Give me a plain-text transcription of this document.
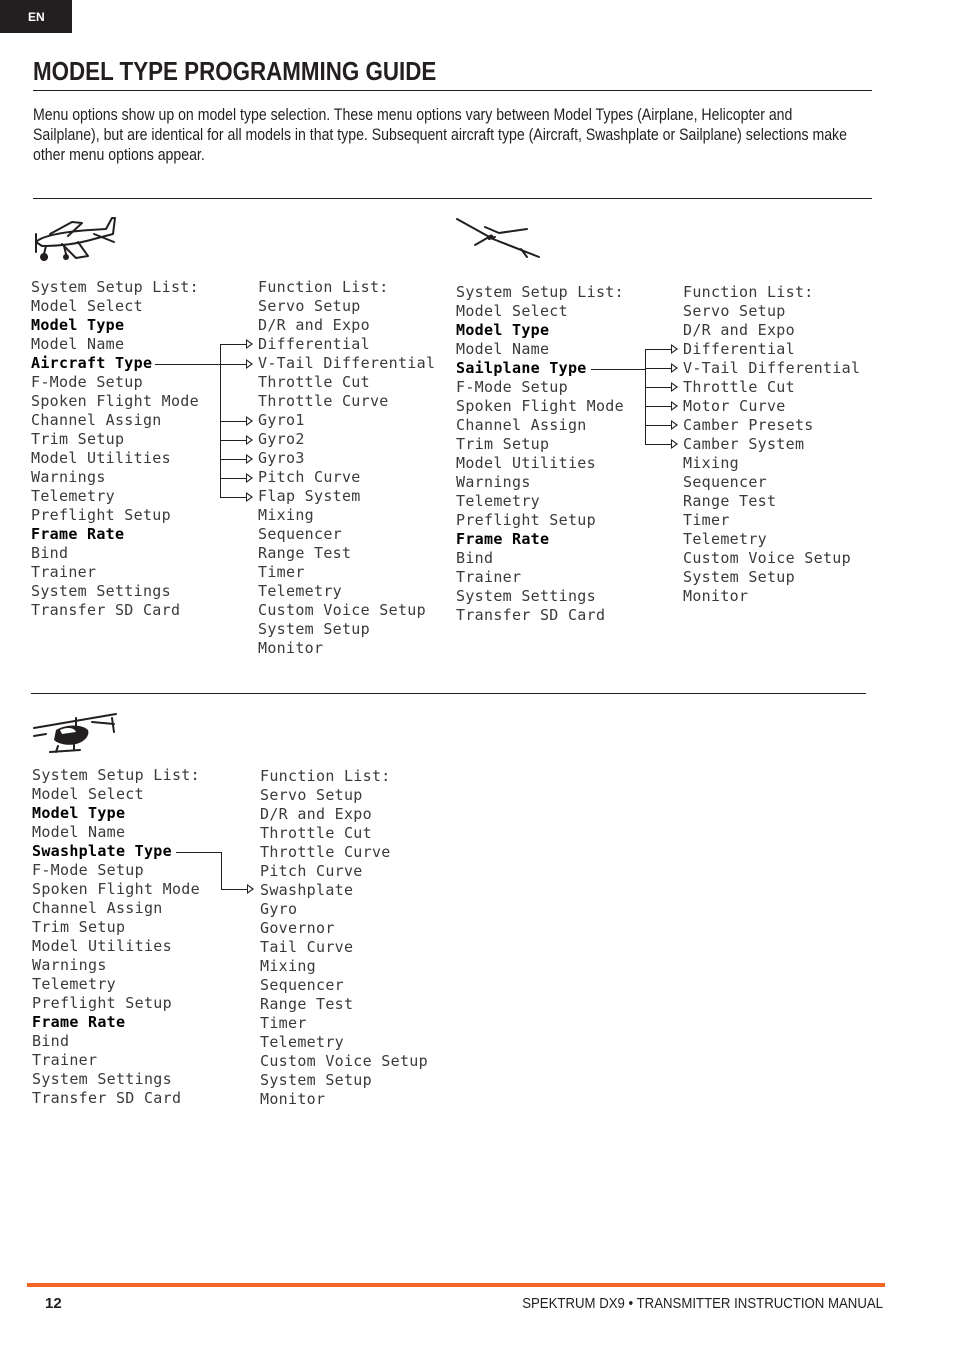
EN
MODEL TYPE PROGRAMMING GUIDE

Menu options show up on model type selection. These menu options vary between Model Types (Airplane, Helicopter and Sailplane), but are identical for all models in that type. Subsequent aircraft type (Aircraft, Swashplate or Sailplane) selections make other menu options appear.

System Setup List:
Model Select
Model Type
Model Name
Aircraft Type
F-Mode Setup
Spoken Flight Mode
Channel Assign
Trim Setup
Model Utilities
Warnings
Telemetry
Preflight Setup
Frame Rate
Bind
Trainer
System Settings
Transfer SD Card
Function List:
Servo Setup
D/R and Expo
Differential
V-Tail Differential
Throttle Cut
Throttle Curve
Gyro1
Gyro2
Gyro3
Pitch Curve
Flap System
Mixing
Sequencer
Range Test
Timer
Telemetry
Custom Voice Setup
System Setup
Monitor
System Setup List:
Model Select
Model Type
Model Name
Sailplane Type
F-Mode Setup
Spoken Flight Mode
Channel Assign
Trim Setup
Model Utilities
Warnings
Telemetry
Preflight Setup
Frame Rate
Bind
Trainer
System Settings
Transfer SD Card
Function List:
Servo Setup
D/R and Expo
Differential
V-Tail Differential
Throttle Cut
Motor Curve
Camber Presets
Camber System
Mixing
Sequencer
Range Test
Timer
Telemetry
Custom Voice Setup
System Setup
Monitor
System Setup List:
Model Select
Model Type
Model Name
Swashplate Type
F-Mode Setup
Spoken Flight Mode
Channel Assign
Trim Setup
Model Utilities
Warnings
Telemetry
Preflight Setup
Frame Rate
Bind
Trainer
System Settings
Transfer SD Card
Function List:
Servo Setup
D/R and Expo
Throttle Cut
Throttle Curve
Pitch Curve
Swashplate
Gyro
Governor
Tail Curve
Mixing
Sequencer
Range Test
Timer
Telemetry
Custom Voice Setup
System Setup
Monitor
12	SPEKTRUM DX9 • TRANSMITTER INSTRUCTION MANUAL
